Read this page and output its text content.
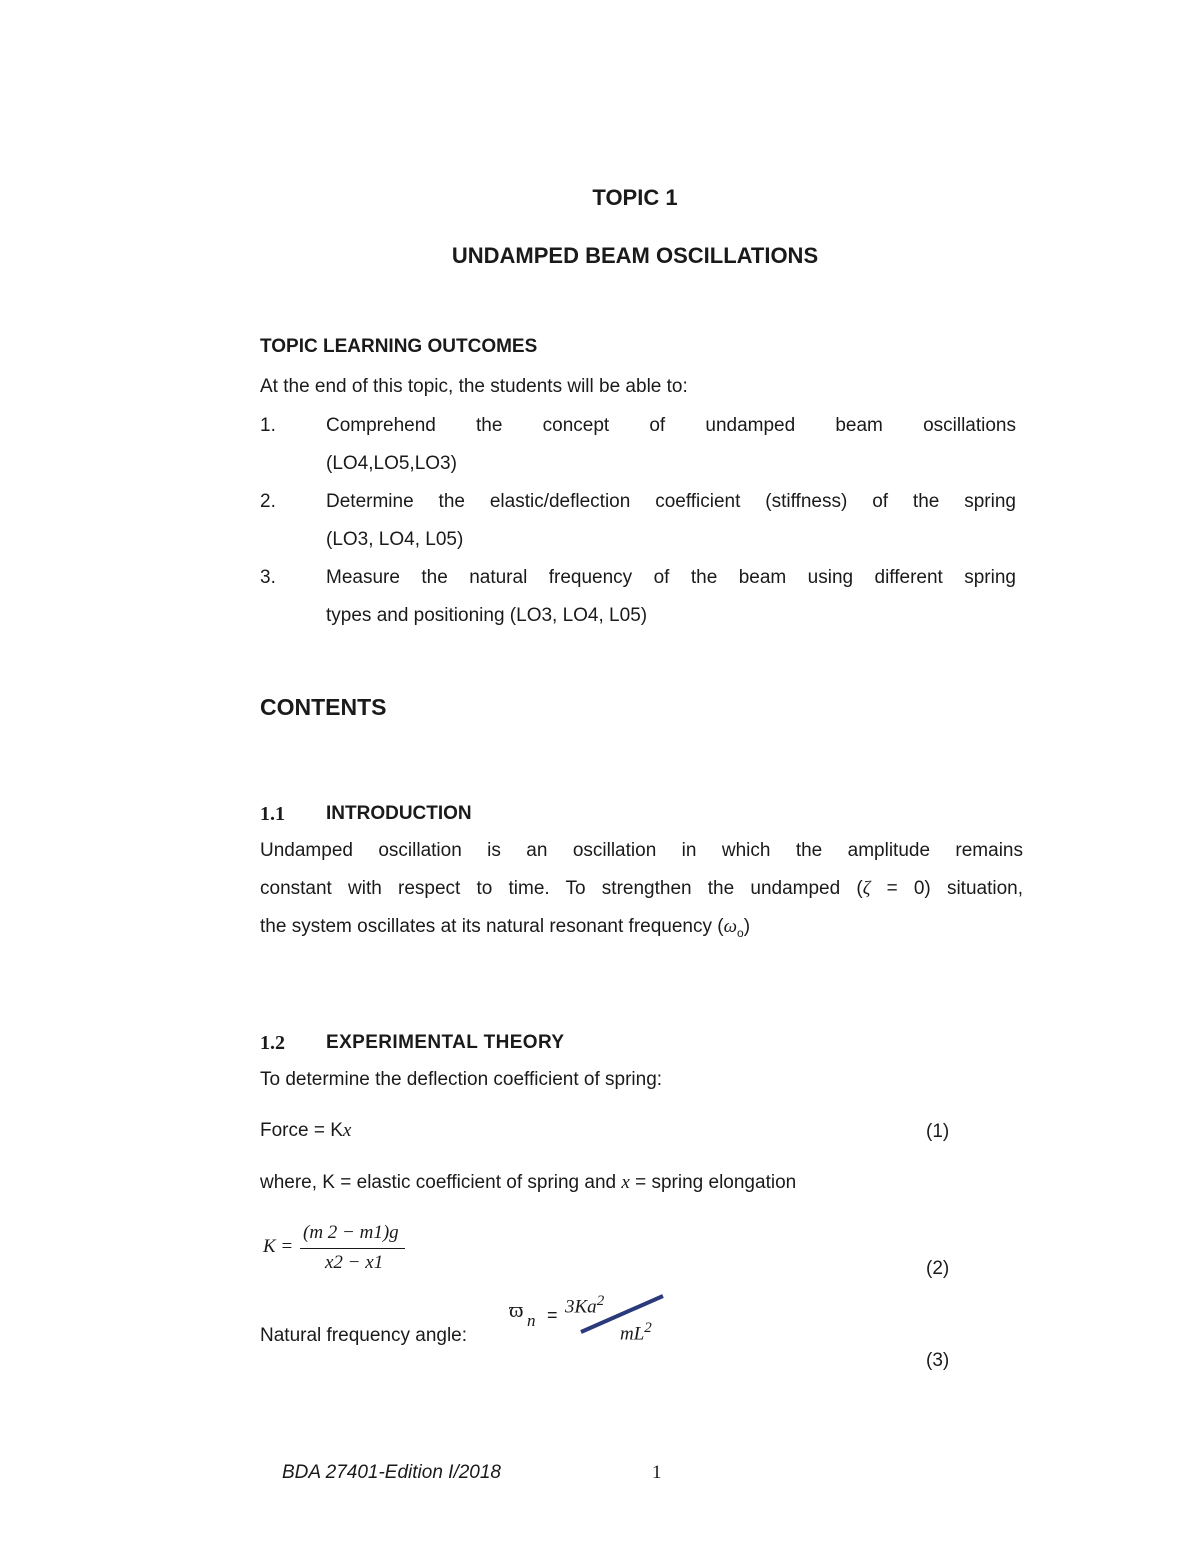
TOPIC 1
UNDAMPED BEAM OSCILLATIONS
TOPIC LEARNING OUTCOMES
At the end of this topic, the students will be able to:
1.	Comprehend the concept of undamped beam oscillations
(LO4,LO5,LO3)
2.	Determine the elastic/deflection coefficient (stiffness) of the spring
(LO3, LO4, L05)
3.	Measure the natural frequency of the beam using different spring
types and positioning (LO3, LO4, L05)
CONTENTS
1.1 INTRODUCTION
Undamped oscillation is an oscillation in which the amplitude remains
constant with respect to time. To strengthen the undamped (ζ = 0) situation,
the system oscillates at its natural resonant frequency $(\omega_o)$
1.2 EXPERIMENTAL THEORY
To determine the deflection coefficient of spring:
Force = Kx	(1)
where, K = elastic coefficient of spring and x = spring elongation
K =
(m 2 − m1)g
x2 − x1	(2)
Natural frequency angle:
ϖ $n = 3Ka^2$
$mL^2$
(3)
BDA 27401-Edition I/2018	1
